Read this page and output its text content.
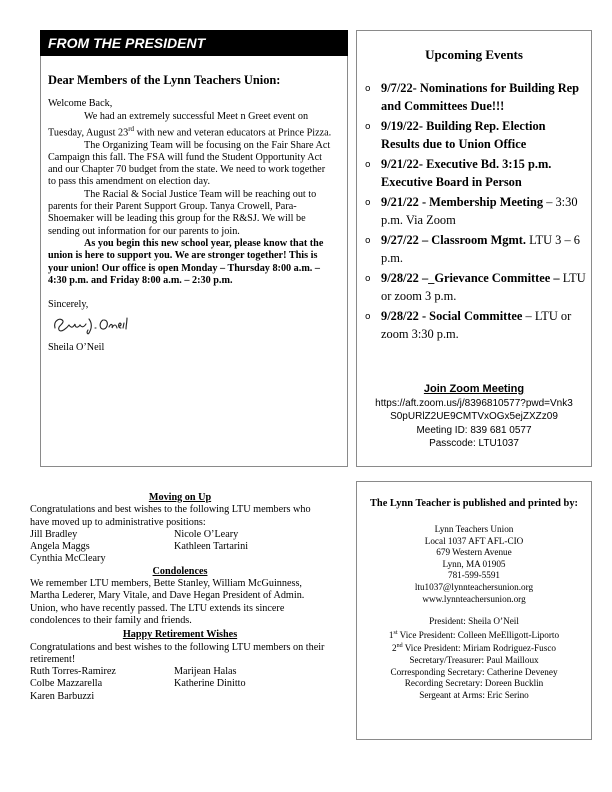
FROM THE PRESIDENT
Dear Members of the Lynn Teachers Union:

Welcome Back,

We had an extremely successful Meet n Greet event on Tuesday, August 23rd with new and veteran educators at Prince Pizza.

The Organizing Team will be focusing on the Fair Share Act Campaign this fall. The FSA will fund the Student Opportunity Act and our Chapter 70 budget from the state. We need to work together to pass this amendment on election day.

The Racial & Social Justice Team will be reaching out to parents for their Parent Support Group. Tanya Crowell, Para- Shoemaker will be leading this group for the R&SJ. We will be sending out information for our parents to join.

As you begin this new school year, please know that the union is here to support you. We are stronger together! This is your union! Our office is open Monday – Thursday 8:00 a.m. – 4:30 p.m. and Friday 8:00 a.m. – 2:30 p.m.

Sincerely,
Sheila O’Neil
Upcoming Events
o 9/7/22- Nominations for Building Rep and Committees Due!!!
o 9/19/22- Building Rep. Election Results due to Union Office
o 9/21/22- Executive Bd. 3:15 p.m. Executive Board in Person
o 9/21/22 - Membership Meeting – 3:30 p.m. Via Zoom
o 9/27/22 – Classroom Mgmt. LTU 3 – 6 p.m.
o 9/28/22 –_Grievance Committee – LTU or zoom 3 p.m.
o 9/28/22 - Social Committee – LTU or zoom 3:30 p.m.
Join Zoom Meeting
https://aft.zoom.us/j/8396810577?pwd=Vnk3
S0pURlZ2UE9CMTVxOGx5ejZXZz09
Meeting ID: 839 681 0577
Passcode: LTU1037
Moving on Up
Congratulations and best wishes to the following LTU members who have moved up to administrative positions:
Jill Bradley	Nicole O’Leary
Angela Maggs	Kathleen Tartarini
Cynthia McCleary
Condolences
We remember LTU members, Bette Stanley, William McGuinness, Martha Lederer, Mary Vitale, and Dave Hegan President of Admin. Union, who have recently passed. The LTU extends its sincere condolences to their family and friends.
Happy Retirement Wishes
Congratulations and best wishes to the following LTU members on their retirement!
Ruth Torres-Ramirez	Marijean Halas
Colbe Mazzarella	Katherine Dinitto
Karen Barbuzzi
The Lynn Teacher is published and printed by:
Lynn Teachers Union
Local 1037 AFT AFL-CIO
679 Western Avenue
Lynn, MA 01905
781-599-5591
ltu1037@lynnteachersunion.org
www.lynnteachersunion.org
President: Sheila O’Neil
1st Vice President: Colleen MeElligott-Liporto
2nd Vice President: Miriam Rodriguez-Fusco
Secretary/Treasurer: Paul Mailloux
Corresponding Secretary: Catherine Deveney
Recording Secretary: Doreen Bucklin
Sergeant at Arms: Eric Serino
